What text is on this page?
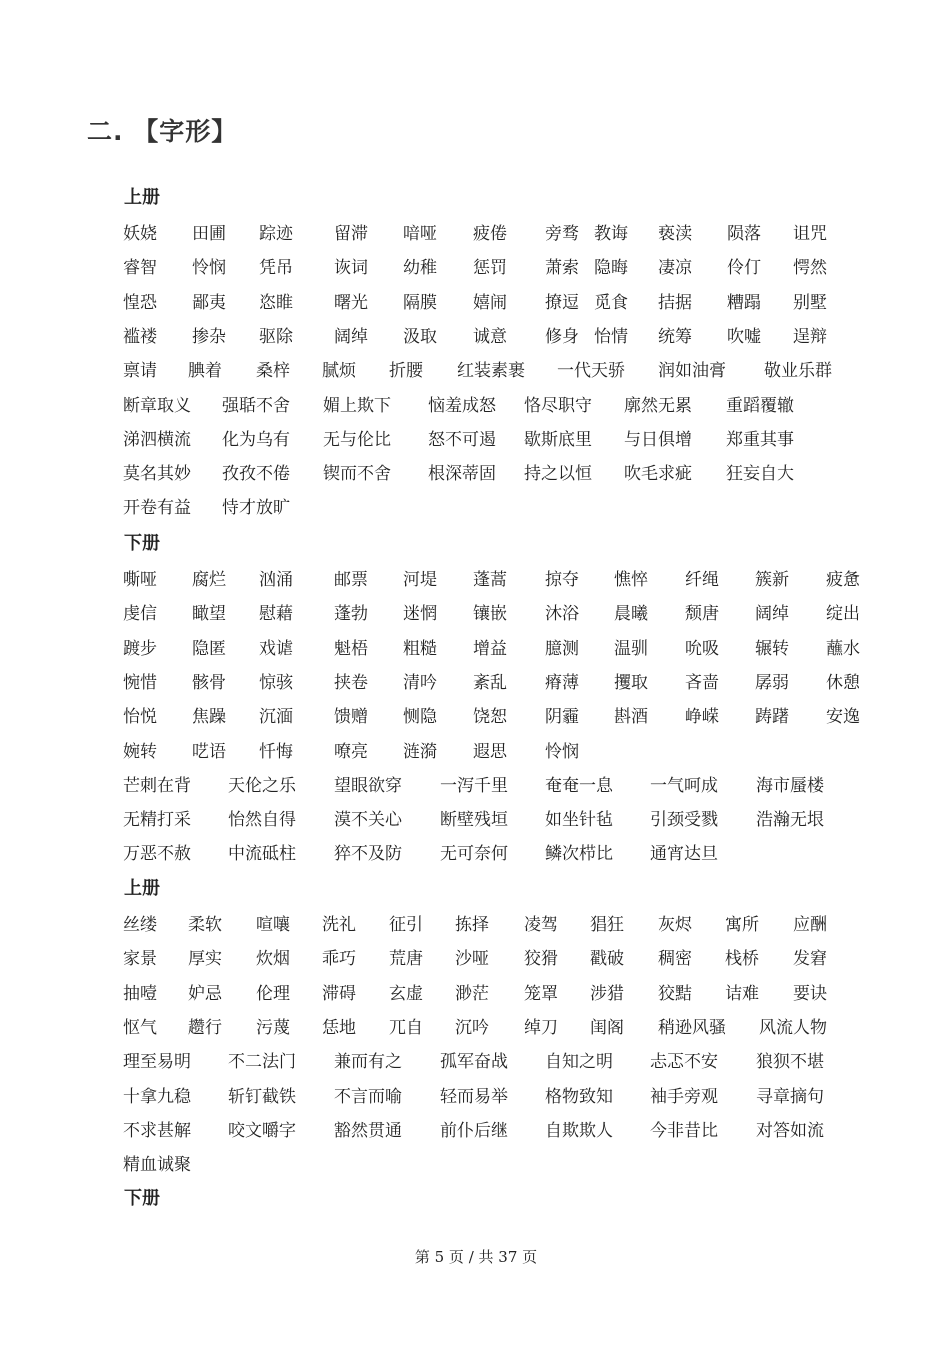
二. 【字形】
上册
妖娆 田圃 踪迹 留滞 喑哑 疲倦 旁骛 教诲 亵渎 陨落 诅咒
睿智 怜悯 凭吊 诙词 幼稚 惩罚 萧索 隐晦 凄凉 伶仃 愕然
惶恐 鄙夷 恣睢 曙光 隔膜 嬉闹 撩逗 觅食 拮据 糟蹋 别墅
褴褛 掺杂 驱除 阔绰 汲取 诚意 修身 怡情 统筹 吹嘘 逞辩
禀请 腆着 桑梓 腻烦 折腰 红装素裹 一代天骄 润如油膏 敬业乐群
断章取义 强聒不舍 媚上欺下 恼羞成怒 恪尽职守 廓然无累 重蹈覆辙
涕泗横流 化为乌有 无与伦比 怒不可遏 歇斯底里 与日俱增 郑重其事
莫名其妙 孜孜不倦 锲而不舍 根深蒂固 持之以恒 吹毛求疵 狂妄自大
开卷有益 恃才放旷
下册
嘶哑 腐烂 汹涌 邮票 河堤 蓬蒿 掠夺 憔悴 纤绳 簇新 疲惫
虔信 瞰望 慰藉 蓬勃 迷惘 镶嵌 沐浴 晨曦 颓唐 阔绰 绽出
踱步 隐匿 戏谑 魁梧 粗糙 增益 臆测 温驯 吮吸 辗转 蘸水
惋惜 骸骨 惊骇 挟卷 清吟 紊乱 瘠薄 攫取 吝啬 孱弱 休憩
怡悦 焦躁 沉湎 馈赠 恻隐 饶恕 阴霾 斟酒 峥嵘 踌躇 安逸
婉转 呓语 忏悔 嘹亮 涟漪 遐思 怜悯
芒刺在背 天伦之乐 望眼欲穿 一泻千里 奄奄一息 一气呵成 海市蜃楼
无精打采 怡然自得 漠不关心 断壁残垣 如坐针毡 引颈受戮 浩瀚无垠
万恶不赦 中流砥柱 猝不及防 无可奈何 鳞次栉比 通宵达旦
上册
丝缕 柔软 喧嚷 洗礼 征引 拣择 凌驾 猖狂 灰烬 寓所 应酬
家景 厚实 炊烟 乖巧 荒唐 沙哑 狡猾 戳破 稠密 栈桥 发窘
抽噎 妒忌 伦理 滞碍 玄虚 渺茫 笼罩 涉猎 狡黠 诘难 要诀
怄气 趱行 污蔑 恁地 兀自 沉吟 绰刀 闺阁 稍逊风骚 风流人物
理至易明 不二法门 兼而有之 孤军奋战 自知之明 忐忑不安 狼狈不堪
十拿九稳 斩钉截铁 不言而喻 轻而易举 格物致知 袖手旁观 寻章摘句
不求甚解 咬文嚼字 豁然贯通 前仆后继 自欺欺人 今非昔比 对答如流
精血诚聚
下册
第 5 页 / 共 37 页
